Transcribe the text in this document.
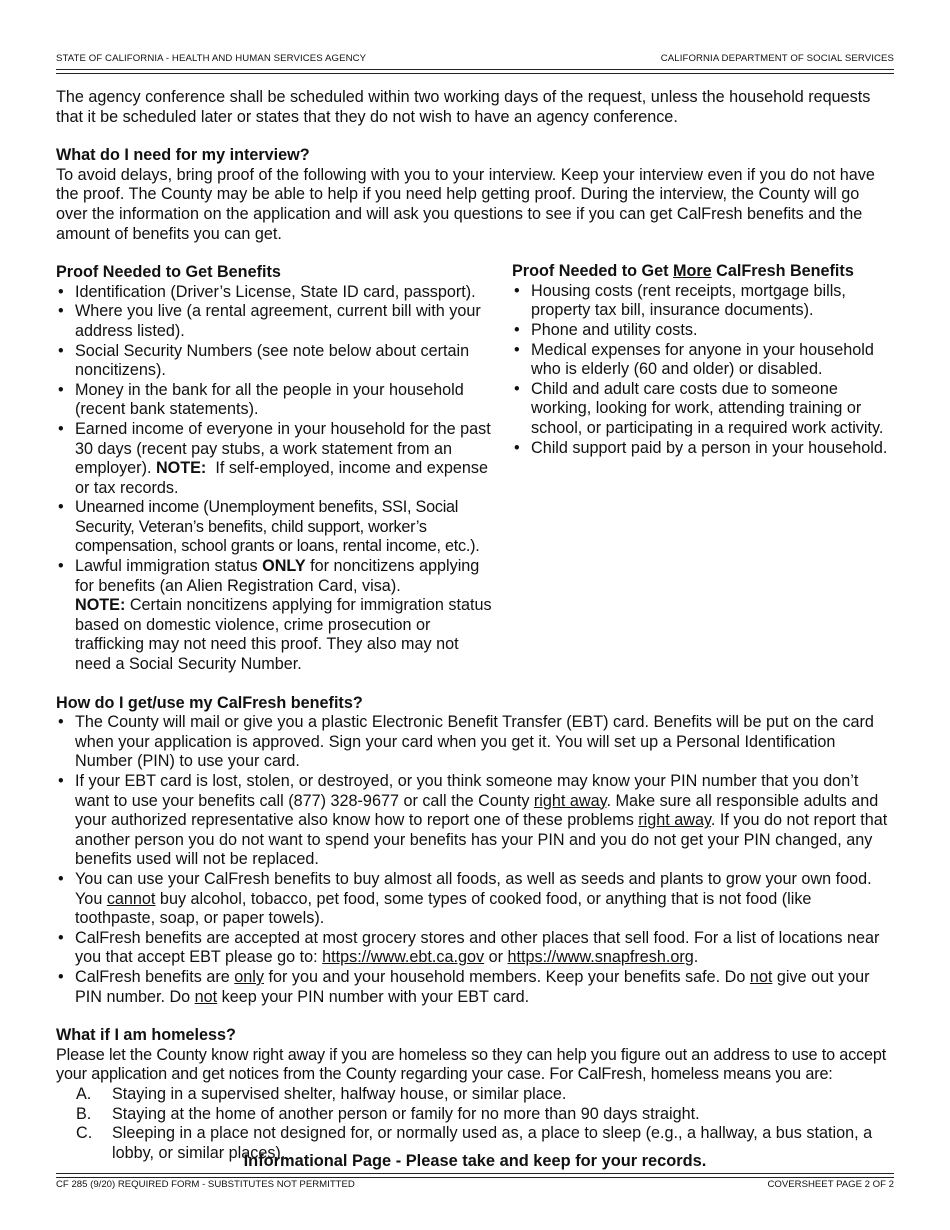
STATE OF CALIFORNIA - HEALTH AND HUMAN SERVICES AGENCY	CALIFORNIA DEPARTMENT OF SOCIAL SERVICES

The agency conference shall be scheduled within two working days of the request, unless the household requests that it be scheduled later or states that they do not wish to have an agency conference.

What do I need for my interview?

To avoid delays, bring proof of the following with you to your interview. Keep your interview even if you do not have the proof. The County may be able to help if you need help getting proof. During the interview, the County will go over the information on the application and will ask you questions to see if you can get CalFresh benefits and the amount of benefits you can get.

Proof Needed to Get Benefits

• Identification (Driver’s License, State ID card, passport).
• Where you live (a rental agreement, current bill with your address listed).
• Social Security Numbers (see note below about certain noncitizens).
• Money in the bank for all the people in your household (recent bank statements).
• Earned income of everyone in your household for the past 30 days (recent pay stubs, a work statement from an employer). NOTE: If self-employed, income and expense or tax records.
• Unearned income (Unemployment benefits, SSI, Social Security, Veteran’s benefits, child support, worker’s compensation, school grants or loans, rental income, etc.).
• Lawful immigration status ONLY for noncitizens applying for benefits (an Alien Registration Card, visa).
NOTE: Certain noncitizens applying for immigration status based on domestic violence, crime prosecution or trafficking may not need this proof. They also may not need a Social Security Number.

Proof Needed to Get More CalFresh Benefits

• Housing costs (rent receipts, mortgage bills, property tax bill, insurance documents).
• Phone and utility costs.
• Medical expenses for anyone in your household who is elderly (60 and older) or disabled.
• Child and adult care costs due to someone working, looking for work, attending training or school, or participating in a required work activity.
• Child support paid by a person in your household.

How do I get/use my CalFresh benefits?

• The County will mail or give you a plastic Electronic Benefit Transfer (EBT) card. Benefits will be put on the card when your application is approved. Sign your card when you get it. You will set up a Personal Identification Number (PIN) to use your card.
• If your EBT card is lost, stolen, or destroyed, or you think someone may know your PIN number that you don’t want to use your benefits call (877) 328-9677 or call the County right away. Make sure all responsible adults and your authorized representative also know how to report one of these problems right away. If you do not report that another person you do not want to spend your benefits has your PIN and you do not get your PIN changed, any benefits used will not be replaced.
• You can use your CalFresh benefits to buy almost all foods, as well as seeds and plants to grow your own food. You cannot buy alcohol, tobacco, pet food, some types of cooked food, or anything that is not food (like toothpaste, soap, or paper towels).
• CalFresh benefits are accepted at most grocery stores and other places that sell food. For a list of locations near you that accept EBT please go to: https://www.ebt.ca.gov or https://www.snapfresh.org.
• CalFresh benefits are only for you and your household members. Keep your benefits safe. Do not give out your PIN number. Do not keep your PIN number with your EBT card.

What if I am homeless?

Please let the County know right away if you are homeless so they can help you figure out an address to use to accept your application and get notices from the County regarding your case. For CalFresh, homeless means you are:

A. Staying in a supervised shelter, halfway house, or similar place.
B. Staying at the home of another person or family for no more than 90 days straight.
C. Sleeping in a place not designed for, or normally used as, a place to sleep (e.g., a hallway, a bus station, a lobby, or similar places).
Informational Page - Please take and keep for your records.
CF 285 (9/20) REQUIRED FORM - SUBSTITUTES NOT PERMITTED	COVERSHEET PAGE 2 OF 2
